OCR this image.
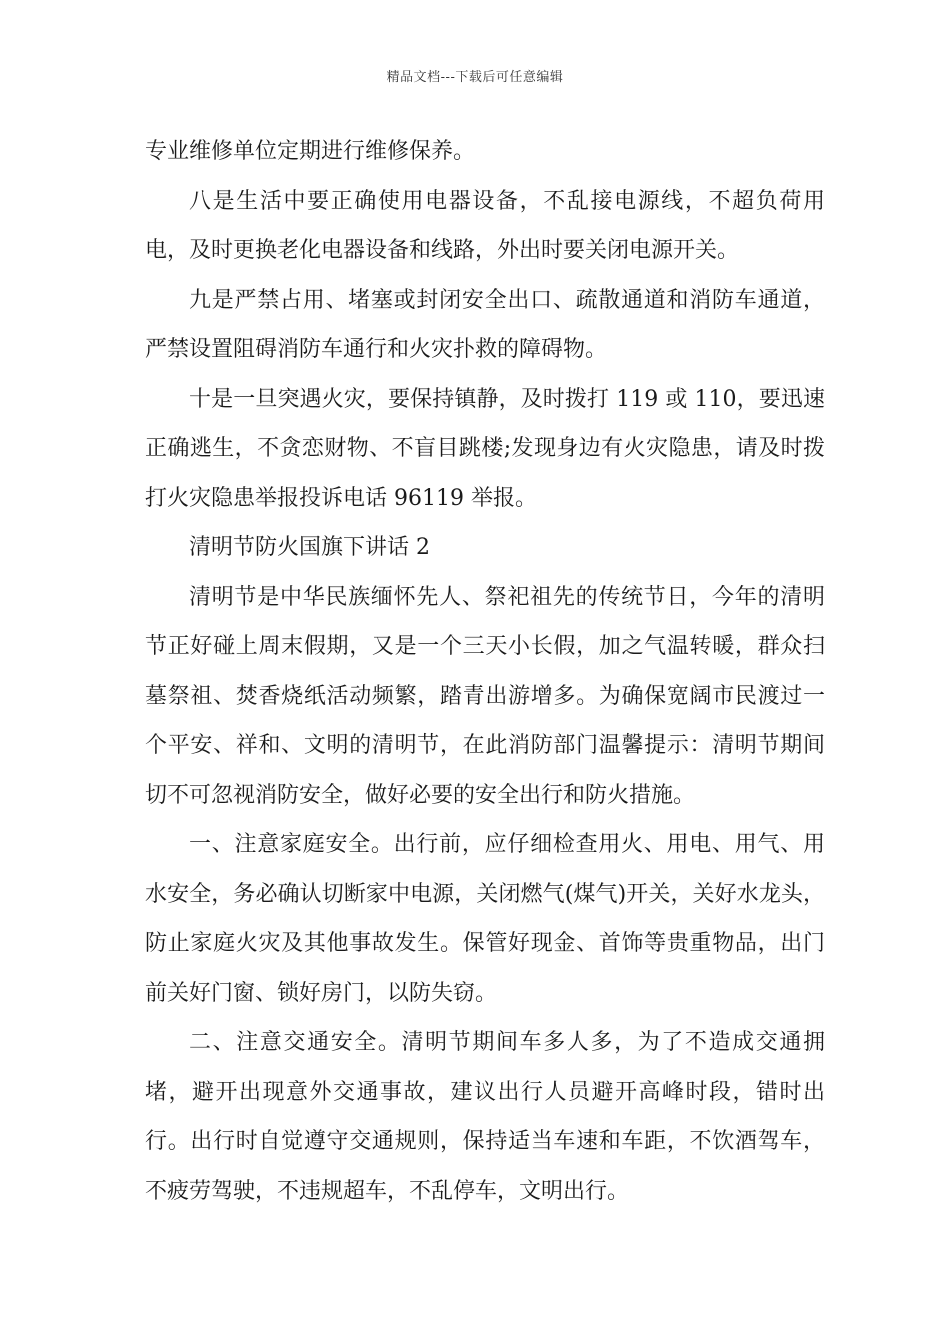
精品文档---下载后可任意编辑

专业维修单位定期进行维修保养。

八是生活中要正确使用电器设备，不乱接电源线，不超负荷用电，及时更换老化电器设备和线路，外出时要关闭电源开关。

九是严禁占用、堵塞或封闭安全出口、疏散通道和消防车通道，严禁设置阻碍消防车通行和火灾扑救的障碍物。

十是一旦突遇火灾，要保持镇静，及时拨打 119 或 110，要迅速正确逃生，不贪恋财物、不盲目跳楼;发现身边有火灾隐患，请及时拨打火灾隐患举报投诉电话 96119 举报。

清明节防火国旗下讲话 2

清明节是中华民族缅怀先人、祭祀祖先的传统节日，今年的清明节正好碰上周末假期，又是一个三天小长假，加之气温转暖，群众扫墓祭祖、焚香烧纸活动频繁，踏青出游增多。为确保宽阔市民渡过一个平安、祥和、文明的清明节，在此消防部门温馨提示：清明节期间切不可忽视消防安全，做好必要的安全出行和防火措施。

一、注意家庭安全。出行前，应仔细检查用火、用电、用气、用水安全，务必确认切断家中电源，关闭燃气(煤气)开关，关好水龙头，防止家庭火灾及其他事故发生。保管好现金、首饰等贵重物品，出门前关好门窗、锁好房门，以防失窃。

二、注意交通安全。清明节期间车多人多，为了不造成交通拥堵，避开出现意外交通事故，建议出行人员避开高峰时段，错时出行。出行时自觉遵守交通规则，保持适当车速和车距，不饮酒驾车，不疲劳驾驶，不违规超车，不乱停车，文明出行。
